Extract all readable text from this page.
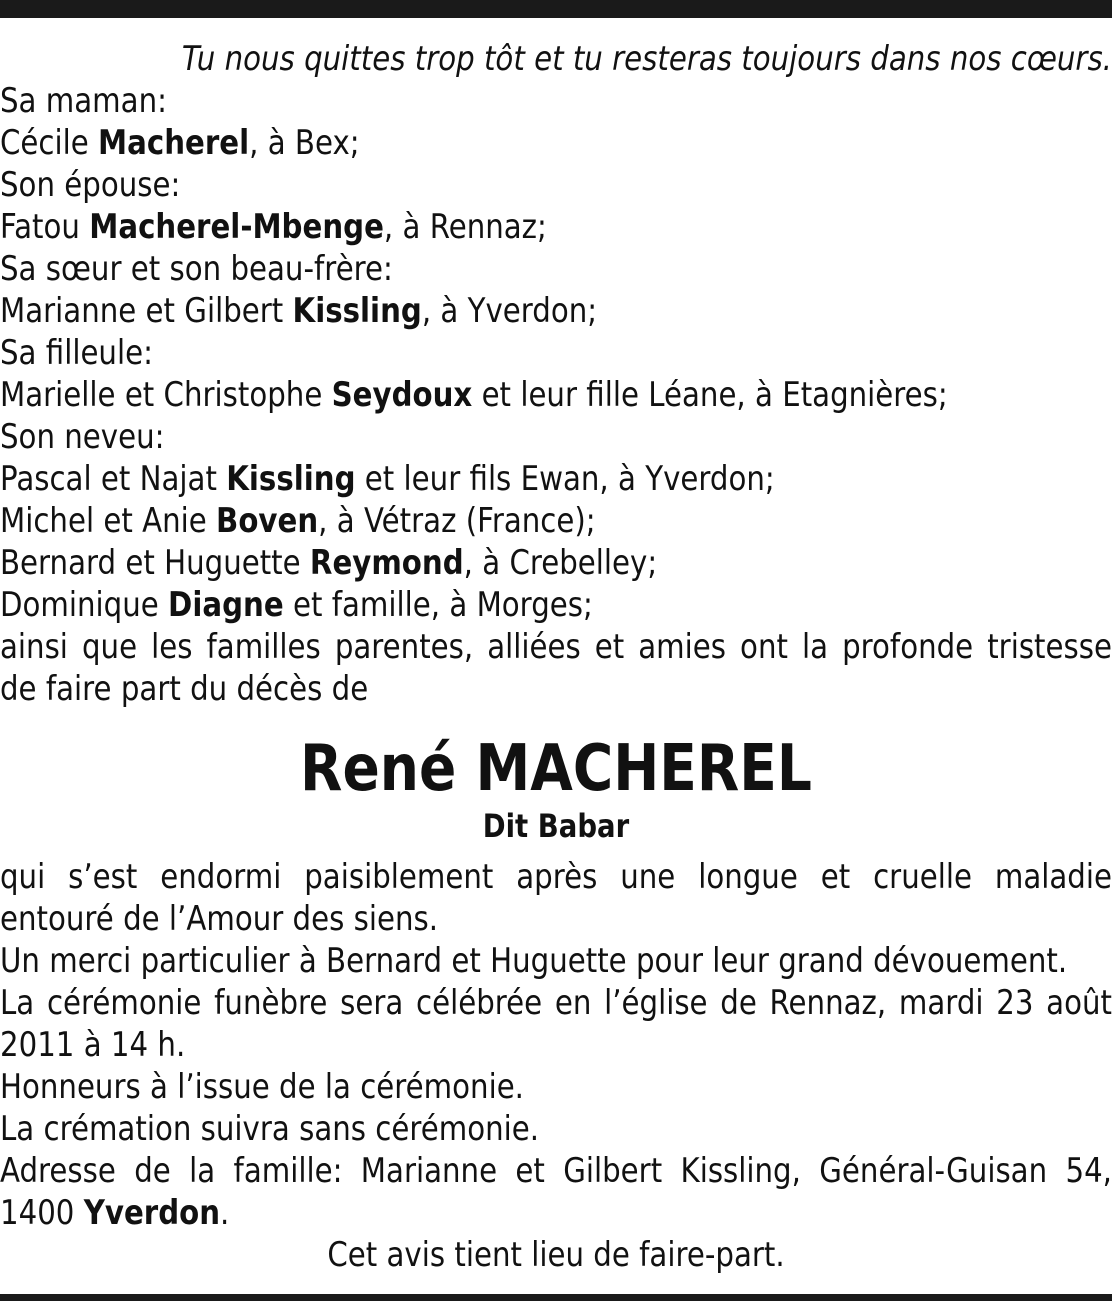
Tu nous quittes trop tôt et tu resteras toujours dans nos cœurs.
Sa maman:
Cécile Macherel, à Bex;
Son épouse:
Fatou Macherel-Mbenge, à Rennaz;
Sa sœur et son beau-frère:
Marianne et Gilbert Kissling, à Yverdon;
Sa filleule:
Marielle et Christophe Seydoux et leur fille Léane, à Etagnières;
Son neveu:
Pascal et Najat Kissling et leur fils Ewan, à Yverdon;
Michel et Anie Boven, à Vétraz (France);
Bernard et Huguette Reymond, à Crebelley;
Dominique Diagne et famille, à Morges;
ainsi que les familles parentes, alliées et amies ont la profonde tristesse
de faire part du décès de
René MACHEREL
Dit Babar
qui s’est endormi paisiblement après une longue et cruelle maladie
entouré de l’Amour des siens.
Un merci particulier à Bernard et Huguette pour leur grand dévouement.
La cérémonie funèbre sera célébrée en l’église de Rennaz, mardi 23 août
2011 à 14 h.
Honneurs à l’issue de la cérémonie.
La crémation suivra sans cérémonie.
Adresse de la famille: Marianne et Gilbert Kissling, Général-Guisan 54,
1400 Yverdon.
Cet avis tient lieu de faire-part.
